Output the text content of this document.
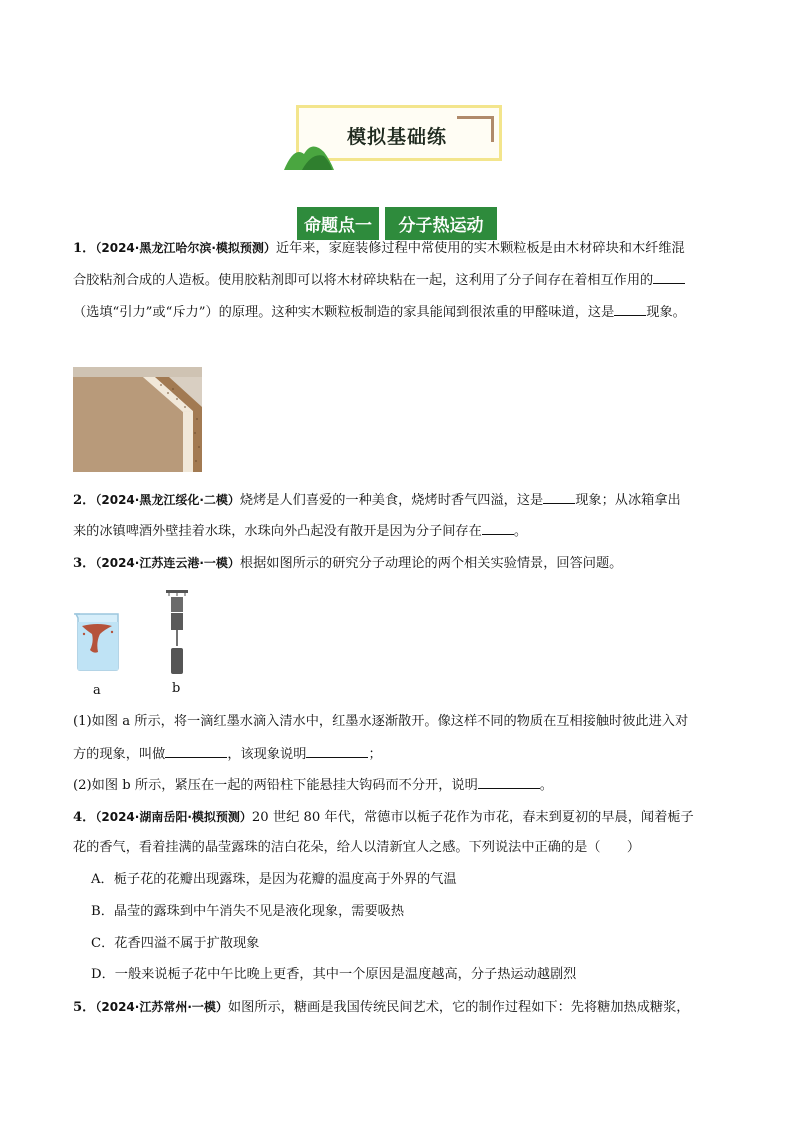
模拟基础练
命题点一	分子热运动
1．（2024·黑龙江哈尔滨·模拟预测）近年来，家庭装修过程中常使用的实木颗粒板是由木材碎块和木纤维混
合胶粘剂合成的人造板。使用胶粘剂即可以将木材碎块粘在一起，这利用了分子间存在着相互作用的
（选填“引力”或“斥力”）的原理。这种实木颗粒板制造的家具能闻到很浓重的甲醛味道，这是 现象。
2．（2024·黑龙江绥化·二模）烧烤是人们喜爱的一种美食，烧烤时香气四溢，这是 现象；从冰箱拿出
来的冰镇啤酒外壁挂着水珠，水珠向外凸起没有散开是因为分子间存在 。
3．（2024·江苏连云港·一模）根据如图所示的研究分子动理论的两个相关实验情景，回答问题。
a	b
(1)如图 a 所示，将一滴红墨水滴入清水中，红墨水逐渐散开。像这样不同的物质在互相接触时彼此进入对
方的现象，叫做	，该现象说明	；
(2)如图 b 所示，紧压在一起的两铅柱下能悬挂大钩码而不分开，说明	。
4．（2024·湖南岳阳·模拟预测）20 世纪 80 年代，常德市以栀子花作为市花，春末到夏初的早晨，闻着栀子
花的香气，看着挂满的晶莹露珠的洁白花朵，给人以清新宜人之感。下列说法中正确的是（　　）
A．栀子花的花瓣出现露珠，是因为花瓣的温度高于外界的气温
B．晶莹的露珠到中午消失不见是液化现象，需要吸热
C．花香四溢不属于扩散现象
D．一般来说栀子花中午比晚上更香，其中一个原因是温度越高，分子热运动越剧烈
5．（2024·江苏常州·一模）如图所示，糖画是我国传统民间艺术，它的制作过程如下：先将糖加热成糖浆，
